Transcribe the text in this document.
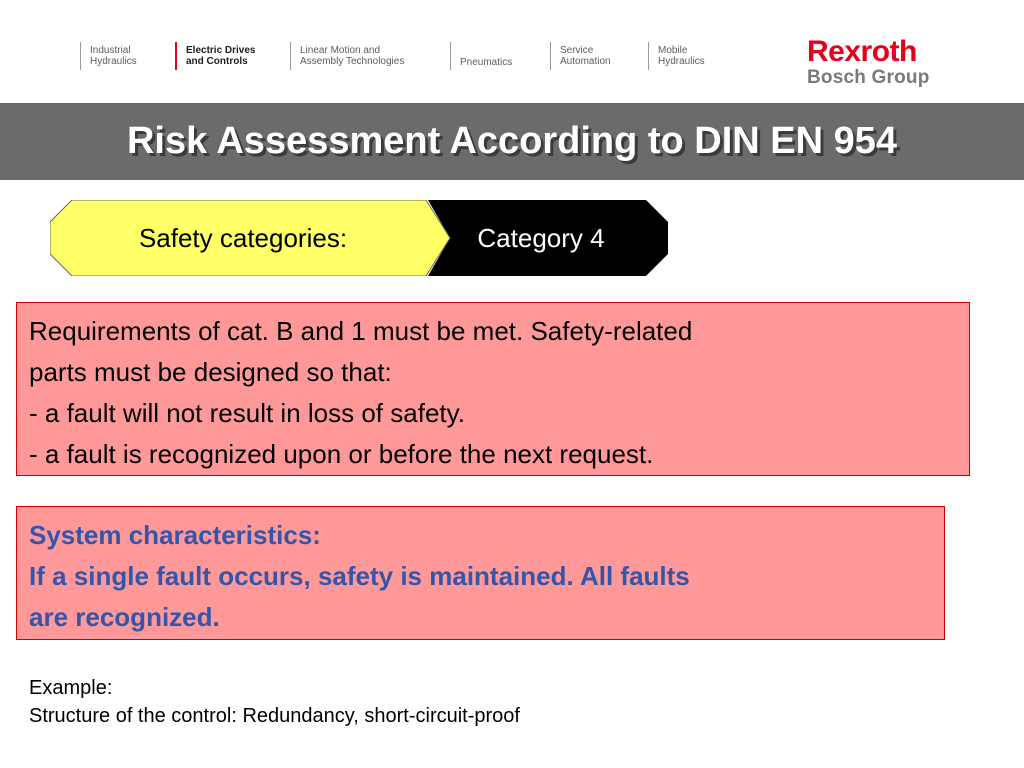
Industrial
Hydraulics
Electric Drives
and Controls
Linear Motion and
Assembly Technologies	Pneumatics
Service
Automation
Mobile
Hydraulics	Rexroth
Bosch Group
Risk Assessment According to DIN EN 954
Safety categories:	Category 4

Requirements of cat. B and 1 must be met. Safety-related

parts must be designed so that:

- a fault will not result in loss of safety.

- a fault is recognized upon or before the next request.

System characteristics:

If a single fault occurs, safety is maintained. All faults

are recognized.

Example:

Structure of the control: Redundancy, short-circuit-proof
